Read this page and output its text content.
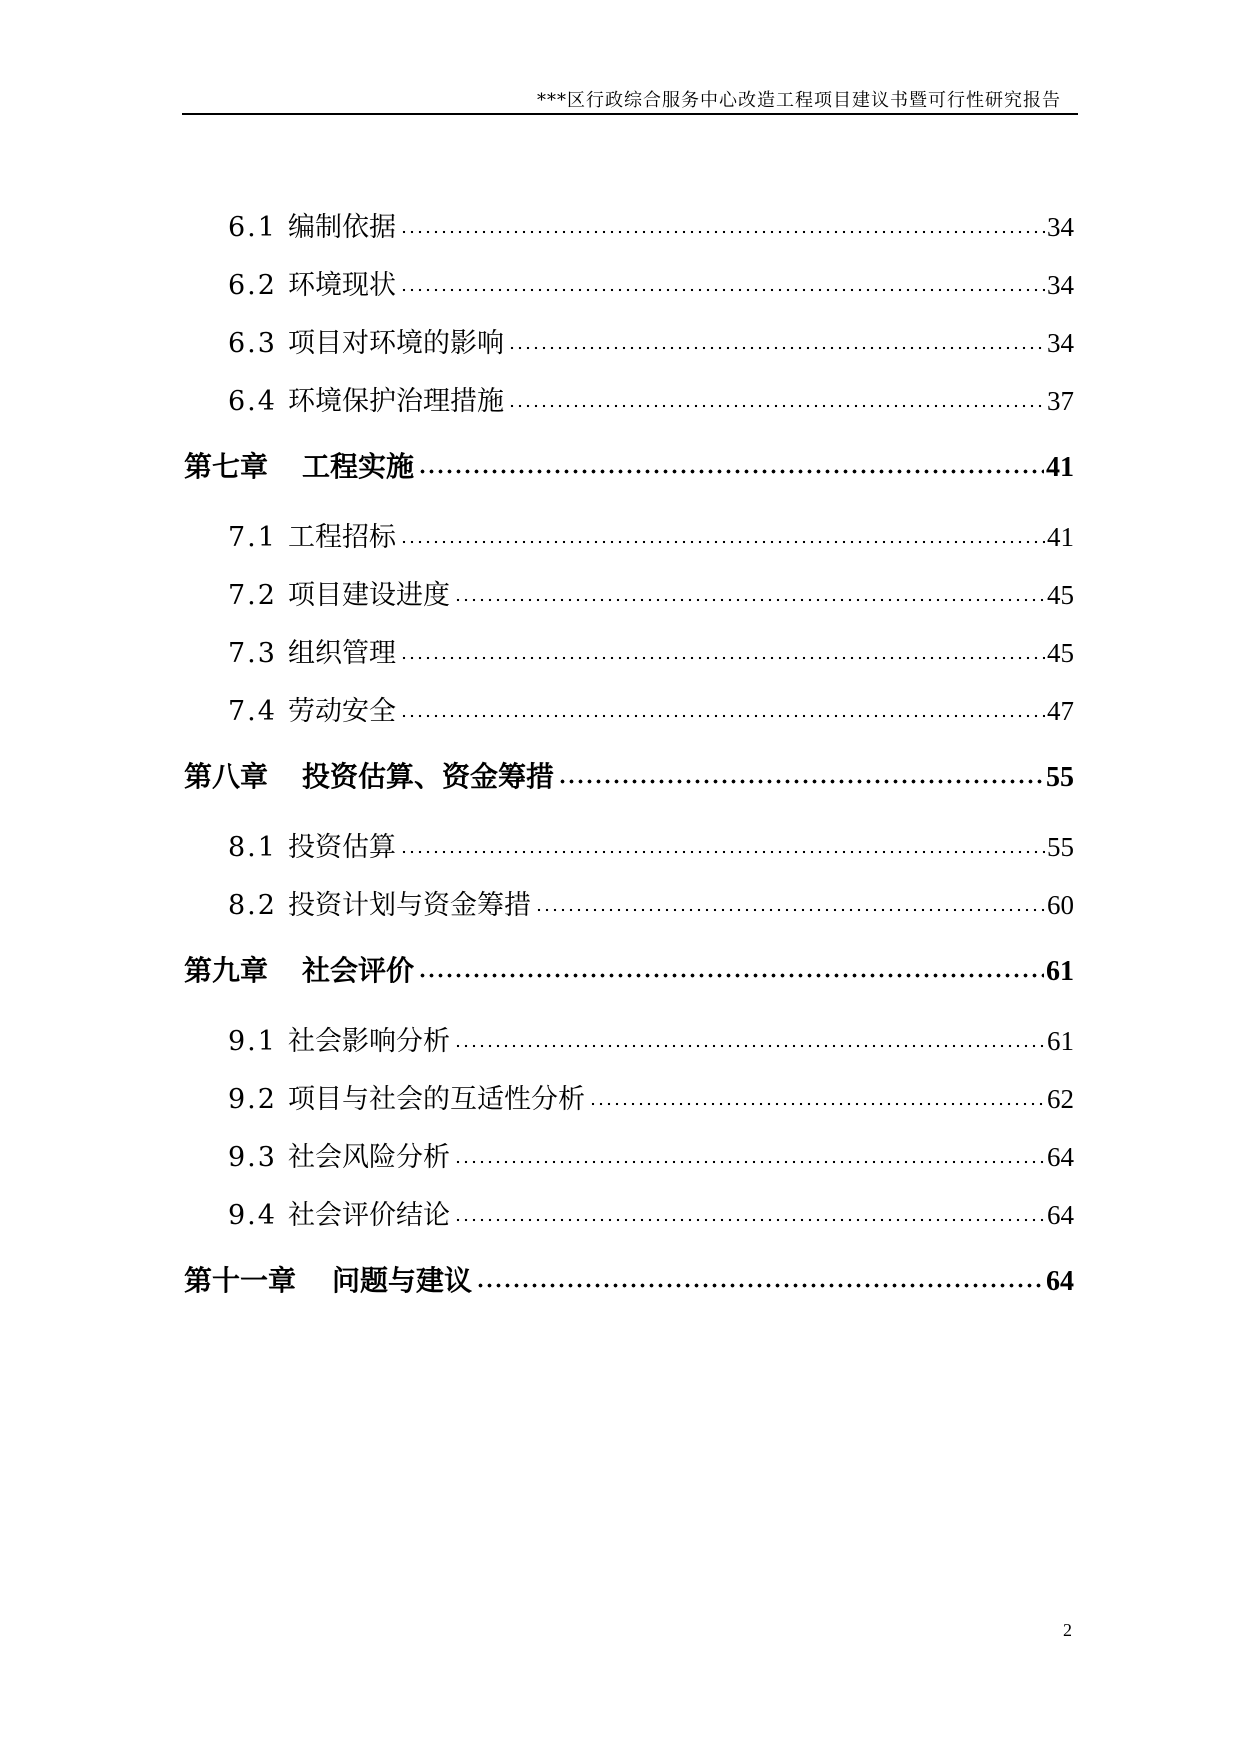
***区行政综合服务中心改造工程项目建议书暨可行性研究报告
6.1 编制依据	34
6.2 环境现状	34
6.3 项目对环境的影响	34
6.4 环境保护治理措施	37
第七章	工程实施	41
7.1 工程招标	41
7.2 项目建设进度	45
7.3 组织管理	45
7.4 劳动安全	47
第八章	投资估算、资金筹措	55
8.1 投资估算	55
8.2 投资计划与资金筹措	60
第九章	社会评价	61
9.1 社会影响分析	61
9.2 项目与社会的互适性分析	62
9.3 社会风险分析	64
9.4 社会评价结论	64
第十一章	问题与建议	64
2
